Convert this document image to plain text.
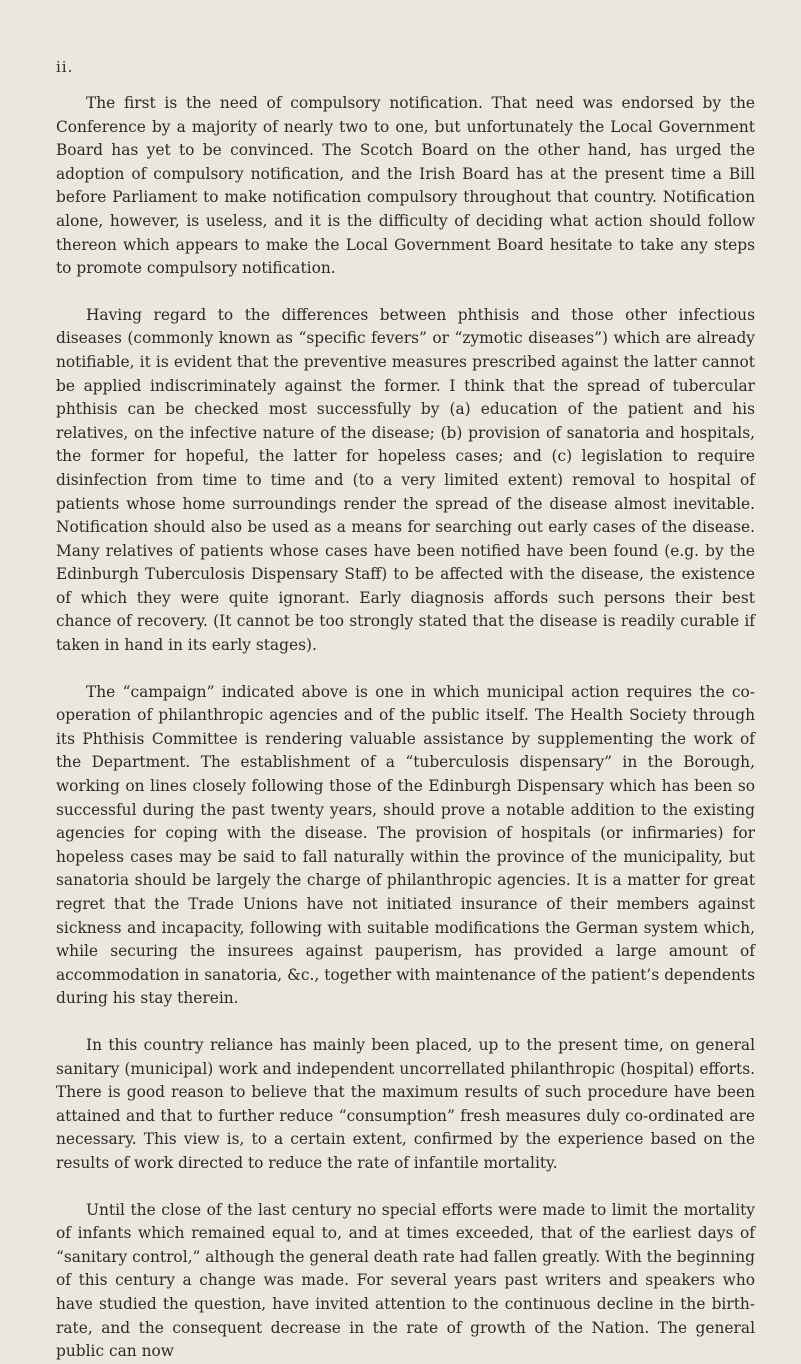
ii.

The first is the need of compulsory notification. That need was endorsed by the Conference by a majority of nearly two to one, but unfortunately the Local Government Board has yet to be convinced. The Scotch Board on the other hand, has urged the adoption of compulsory notification, and the Irish Board has at the present time a Bill before Parliament to make notification compulsory throughout that country. Notification alone, however, is useless, and it is the difficulty of deciding what action should follow thereon which appears to make the Local Government Board hesitate to take any steps to promote compulsory notification.

Having regard to the differences between phthisis and those other infectious diseases (commonly known as “specific fevers” or “zymotic diseases”) which are already notifiable, it is evident that the preventive measures prescribed against the latter cannot be applied indiscriminately against the former. I think that the spread of tubercular phthisis can be checked most successfully by (a) education of the patient and his relatives, on the infective nature of the disease; (b) provision of sanatoria and hospitals, the former for hopeful, the latter for hopeless cases; and (c) legislation to require disinfection from time to time and (to a very limited extent) removal to hospital of patients whose home surroundings render the spread of the disease almost inevitable. Notification should also be used as a means for searching out early cases of the disease. Many relatives of patients whose cases have been notified have been found (e.g. by the Edinburgh Tuberculosis Dispensary Staff) to be affected with the disease, the existence of which they were quite ignorant. Early diagnosis affords such persons their best chance of recovery. (It cannot be too strongly stated that the disease is readily curable if taken in hand in its early stages).

The “campaign” indicated above is one in which municipal action requires the co-operation of philanthropic agencies and of the public itself. The Health Society through its Phthisis Committee is rendering valuable assistance by supplementing the work of the Department. The establishment of a “tuberculosis dispensary” in the Borough, working on lines closely following those of the Edinburgh Dispensary which has been so successful during the past twenty years, should prove a notable addition to the existing agencies for coping with the disease. The provision of hospitals (or infirmaries) for hopeless cases may be said to fall naturally within the province of the municipality, but sanatoria should be largely the charge of philanthropic agencies. It is a matter for great regret that the Trade Unions have not initiated insurance of their members against sickness and incapacity, following with suitable modifications the German system which, while securing the insurees against pauperism, has provided a large amount of accommodation in sanatoria, &c., together with maintenance of the patient’s dependents during his stay therein.

In this country reliance has mainly been placed, up to the present time, on general sanitary (municipal) work and independent uncorrellated philanthropic (hospital) efforts. There is good reason to believe that the maximum results of such procedure have been attained and that to further reduce “consumption” fresh measures duly co-ordinated are necessary. This view is, to a certain extent, confirmed by the experience based on the results of work directed to reduce the rate of infantile mortality.

Until the close of the last century no special efforts were made to limit the mortality of infants which remained equal to, and at times exceeded, that of the earliest days of “sanitary control,” although the general death rate had fallen greatly. With the beginning of this century a change was made. For several years past writers and speakers who have studied the question, have invited attention to the continuous decline in the birth-rate, and the consequent decrease in the rate of growth of the Nation. The general public can now
